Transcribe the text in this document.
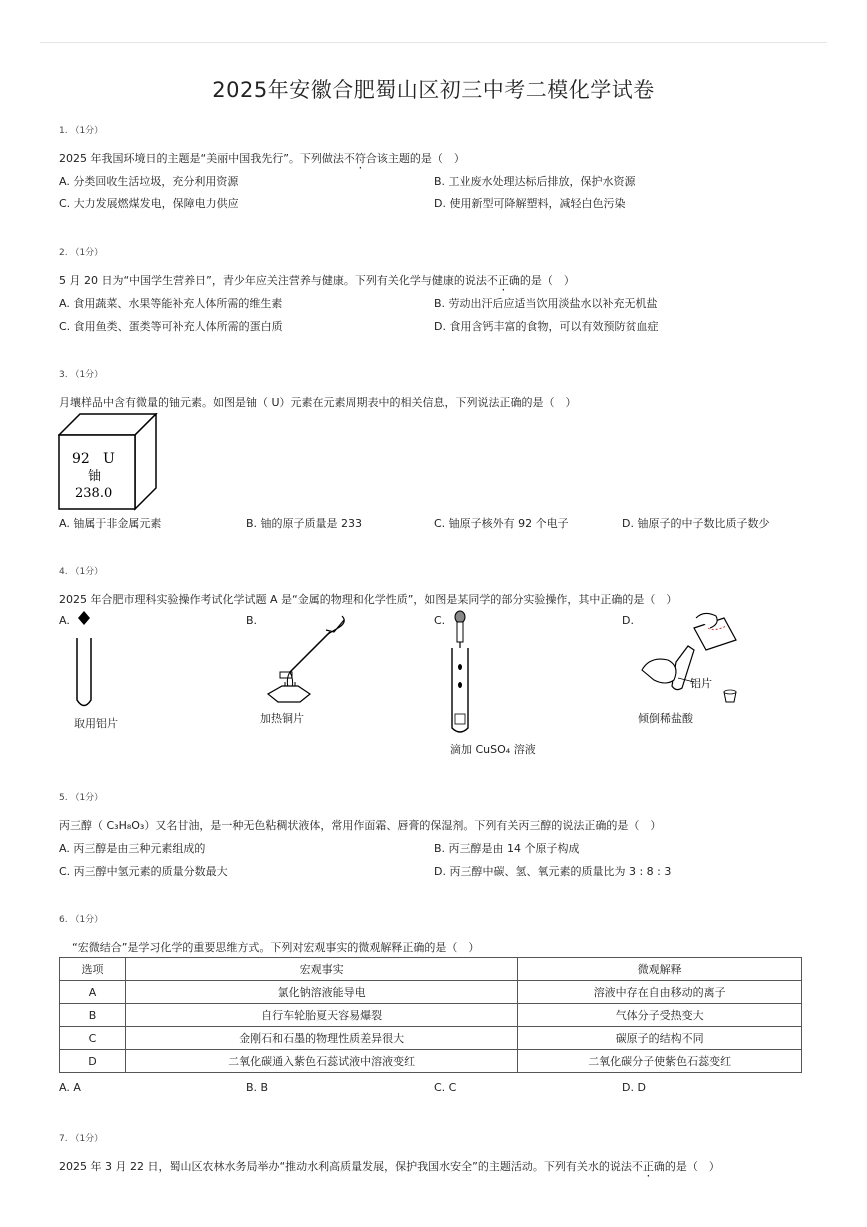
2025年安徽合肥蜀山区初三中考二模化学试卷
1. （1分）
2025 年我国环境日的主题是“美丽中国我先行”。下列做法不符合该主题的是（　）
A. 分类回收生活垃圾，充分利用资源	B. 工业废水处理达标后排放，保护水资源
C. 大力发展燃煤发电，保障电力供应	D. 使用新型可降解塑料，减轻白色污染
2. （1分）
5 月 20 日为“中国学生营养日”，青少年应关注营养与健康。下列有关化学与健康的说法不正确的是（　）
A. 食用蔬菜、水果等能补充人体所需的维生素	B. 劳动出汗后应适当饮用淡盐水以补充无机盐
C. 食用鱼类、蛋类等可补充人体所需的蛋白质	D. 食用含钙丰富的食物，可以有效预防贫血症
3. （1分）
月壤样品中含有微量的铀元素。如图是铀（ U）元素在元素周期表中的相关信息，下列说法正确的是（　）
92 U
铀
238.0
A. 铀属于非金属元素	B. 铀的原子质量是 233	C. 铀原子核外有 92 个电子	D. 铀原子的中子数比质子数少
4. （1分）
2025 年合肥市理科实验操作考试化学试题 A 是“金属的物理和化学性质”，如图是某同学的部分实验操作，其中正确的是（　）
A.
取用铝片
B.
加热铜片
C.
滴加 CuSO₄ 溶液
D.
铝片
倾倒稀盐酸
5. （1分）
丙三醇（ C₃H₈O₃）又名甘油，是一种无色粘稠状液体，常用作面霜、唇膏的保湿剂。下列有关丙三醇的说法正确的是（　）
A. 丙三醇是由三种元素组成的	B. 丙三醇是由 14 个原子构成
C. 丙三醇中氢元素的质量分数最大	D. 丙三醇中碳、氢、氧元素的质量比为 3 : 8 : 3
6. （1分）
“宏微结合”是学习化学的重要思维方式。下列对宏观事实的微观解释正确的是（　）
选项	宏观事实	微观解释
A	氯化钠溶液能导电	溶液中存在自由移动的离子
B	自行车轮胎夏天容易爆裂	气体分子受热变大
C	金刚石和石墨的物理性质差异很大	碳原子的结构不同
D	二氧化碳通入紫色石蕊试液中溶液变红	二氧化碳分子使紫色石蕊变红
A. A	B. B	C. C	D. D
7. （1分）
2025 年 3 月 22 日，蜀山区农林水务局举办“推动水利高质量发展，保护我国水安全”的主题活动。下列有关水的说法不正确的是（　）
